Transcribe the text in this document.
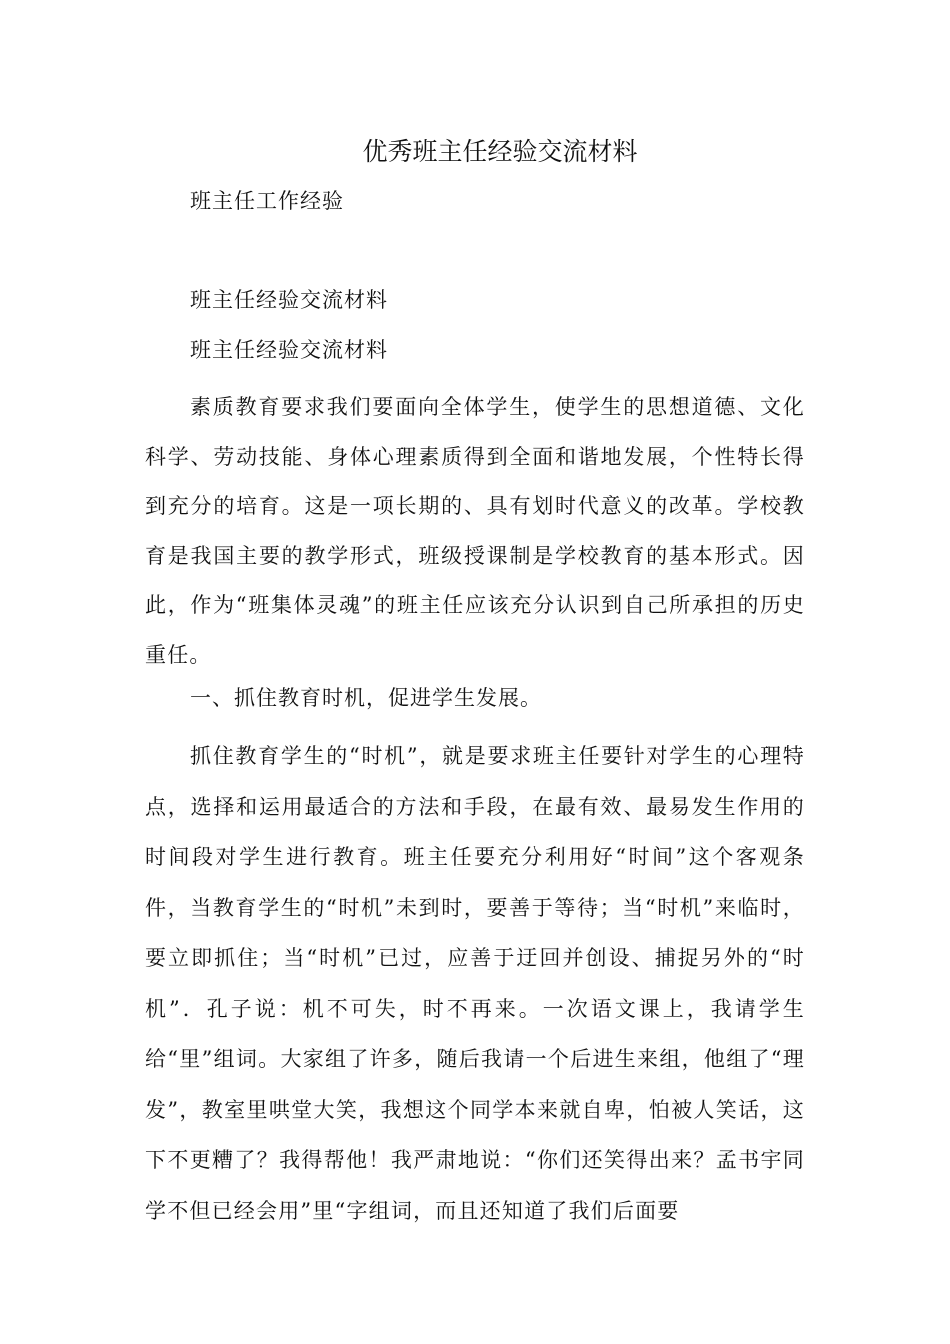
优秀班主任经验交流材料

班主任工作经验

班主任经验交流材料

班主任经验交流材料

素质教育要求我们要面向全体学生，使学生的思想道德、文化科学、劳动技能、身体心理素质得到全面和谐地发展，个性特长得到充分的培育。这是一项长期的、具有划时代意义的改革。学校教育是我国主要的教学形式，班级授课制是学校教育的基本形式。因此，作为“班集体灵魂”的班主任应该充分认识到自己所承担的历史重任。

一、抓住教育时机，促进学生发展。

抓住教育学生的“时机”，就是要求班主任要针对学生的心理特点，选择和运用最适合的方法和手段，在最有效、最易发生作用的时间段对学生进行教育。班主任要充分利用好“时间”这个客观条件，当教育学生的“时机”未到时，要善于等待；当“时机”来临时，要立即抓住；当“时机”已过，应善于迂回并创设、捕捉另外的“时机”．孔子说：机不可失，时不再来。一次语文课上，我请学生给“里”组词。大家组了许多，随后我请一个后进生来组，他组了“理发”，教室里哄堂大笑，我想这个同学本来就自卑，怕被人笑话，这下不更糟了？我得帮他！我严肃地说：“你们还笑得出来？孟书宇同学不但已经会用”里“字组词，而且还知道了我们后面要
